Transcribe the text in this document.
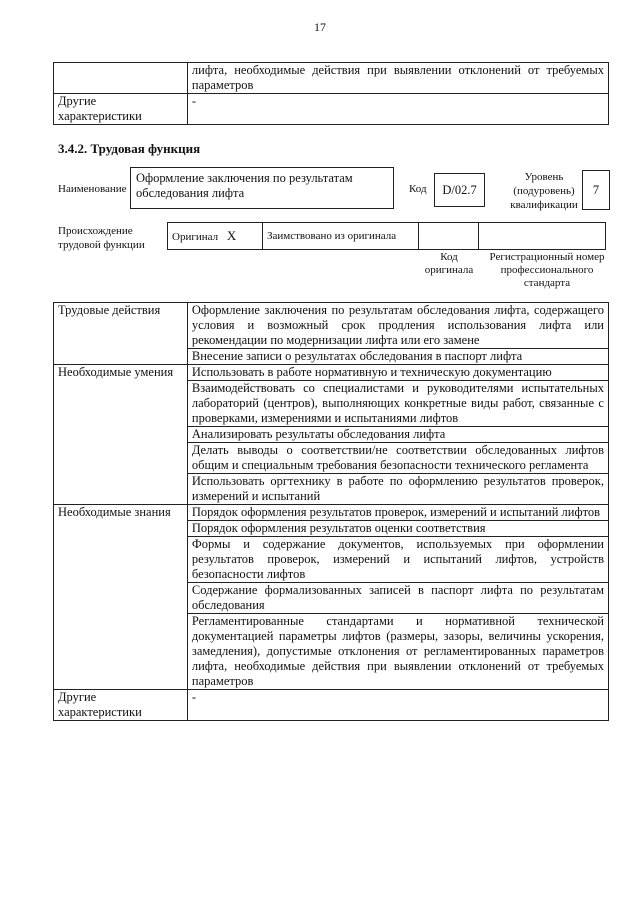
17
	лифта, необходимые действия при выявлении отклонений от требуемых параметров
Другие характеристики	-
3.4.2. Трудовая функция
Наименование
Оформление заключения по результатам обследования лифта	Код	D/02.7
Уровень
(подуровень)
квалификации
7
Происхождение
трудовой функции
Оригинал X	Заимствовано из оригинала		
Код
оригинала
Регистрационный номер
профессионального
стандарта
Трудовые действия	Оформление заключения по результатам обследования лифта, содержащего условия и возможный срок продления использования лифта или рекомендации по модернизации лифта или его замене
	Внесение записи о результатах обследования в паспорт лифта
Необходимые умения	Использовать в работе нормативную и техническую документацию
	Взаимодействовать со специалистами и руководителями испытательных лабораторий (центров), выполняющих конкретные виды работ, связанные с проверками, измерениями и испытаниями лифтов
	Анализировать результаты обследования лифта
	Делать выводы о соответствии/не соответствии обследованных лифтов общим и специальным требования безопасности технического регламента
	Использовать оргтехнику в работе по оформлению результатов проверок, измерений и испытаний
Необходимые знания	Порядок оформления результатов проверок, измерений и испытаний лифтов
	Порядок оформления результатов оценки соответствия
	Формы и содержание документов, используемых при оформлении результатов проверок, измерений и испытаний лифтов, устройств безопасности лифтов
	Содержание формализованных записей в паспорт лифта по результатам обследования
	Регламентированные стандартами и нормативной технической документацией параметры лифтов (размеры, зазоры, величины ускорения, замедления), допустимые отклонения от регламентированных параметров лифта, необходимые действия при выявлении отклонений от требуемых параметров
Другие характеристики	-
